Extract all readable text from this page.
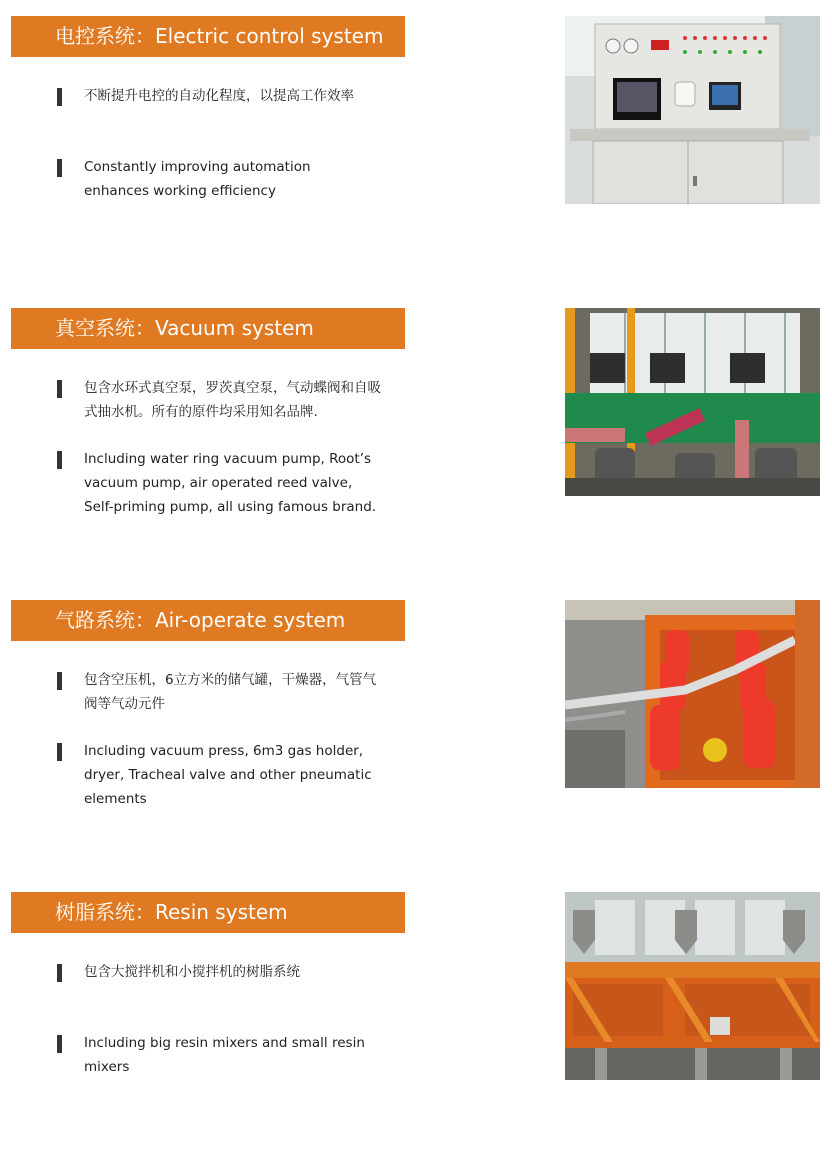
电控系统：Electric control system
不断提升电控的自动化程度，以提高工作效率
Constantly improving automation
enhances working efficiency
真空系统：Vacuum system
包含水环式真空泵，罗茨真空泵，气动蝶阀和自吸
式抽水机。所有的原件均采用知名品牌.
Including water ring vacuum pump, Root’s
vacuum pump, air operated reed valve,
Self-priming pump, all using famous brand.
气路系统：Air-operate system
包含空压机，6立方米的储气罐，干燥器，气管气
阀等气动元件
Including vacuum press, 6m3 gas holder,
dryer, Tracheal valve and other pneumatic
elements
树脂系统：Resin system
包含大搅拌机和小搅拌机的树脂系统
Including big resin mixers and small resin
mixers
